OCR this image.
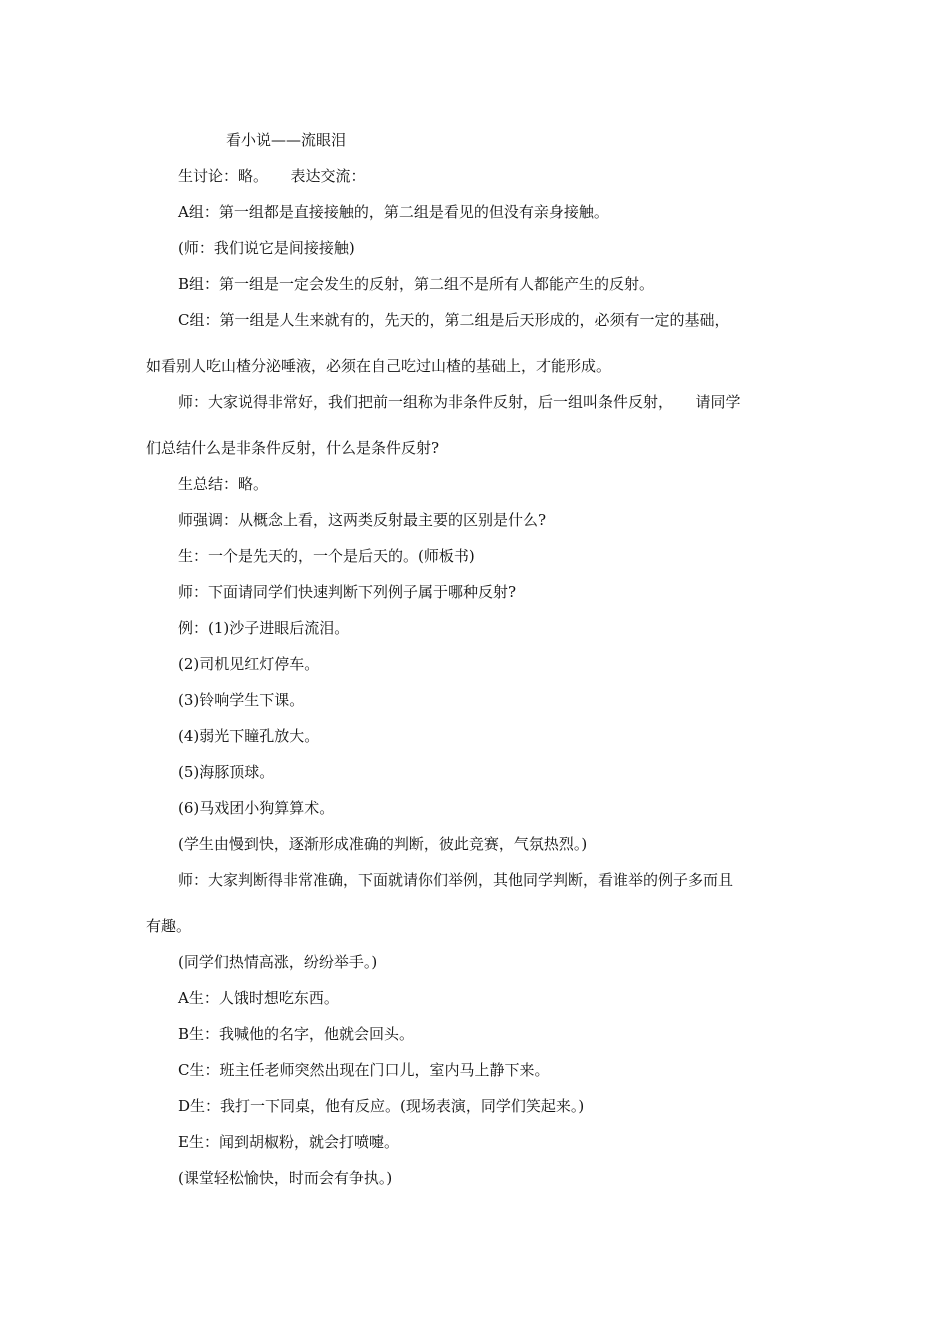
看小说——流眼泪

生讨论：略。　　表达交流：

A组：第一组都是直接接触的，第二组是看见的但没有亲身接触。

(师：我们说它是间接接触)

B组：第一组是一定会发生的反射，第二组不是所有人都能产生的反射。

C组：第一组是人生来就有的，先天的，第二组是后天形成的，必须有一定的基础，

如看别人吃山楂分泌唾液，必须在自己吃过山楂的基础上，才能形成。

师：大家说得非常好，我们把前一组称为非条件反射，后一组叫条件反射，　　请同学

们总结什么是非条件反射，什么是条件反射?

生总结：略。

师强调：从概念上看，这两类反射最主要的区别是什么?

生：一个是先天的，一个是后天的。(师板书)

师：下面请同学们快速判断下列例子属于哪种反射?

例：(1)沙子进眼后流泪。

(2)司机见红灯停车。

(3)铃响学生下课。

(4)弱光下瞳孔放大。

(5)海豚顶球。

(6)马戏团小狗算算术。

(学生由慢到快，逐渐形成准确的判断，彼此竞赛，气氛热烈。)

师：大家判断得非常准确，下面就请你们举例，其他同学判断，看谁举的例子多而且

有趣。

(同学们热情高涨，纷纷举手。)

A生：人饿时想吃东西。

B生：我喊他的名字，他就会回头。

C生：班主任老师突然出现在门口儿，室内马上静下来。

D生：我打一下同桌，他有反应。(现场表演，同学们笑起来。)

E生：闻到胡椒粉，就会打喷嚏。

(课堂轻松愉快，时而会有争执。)
